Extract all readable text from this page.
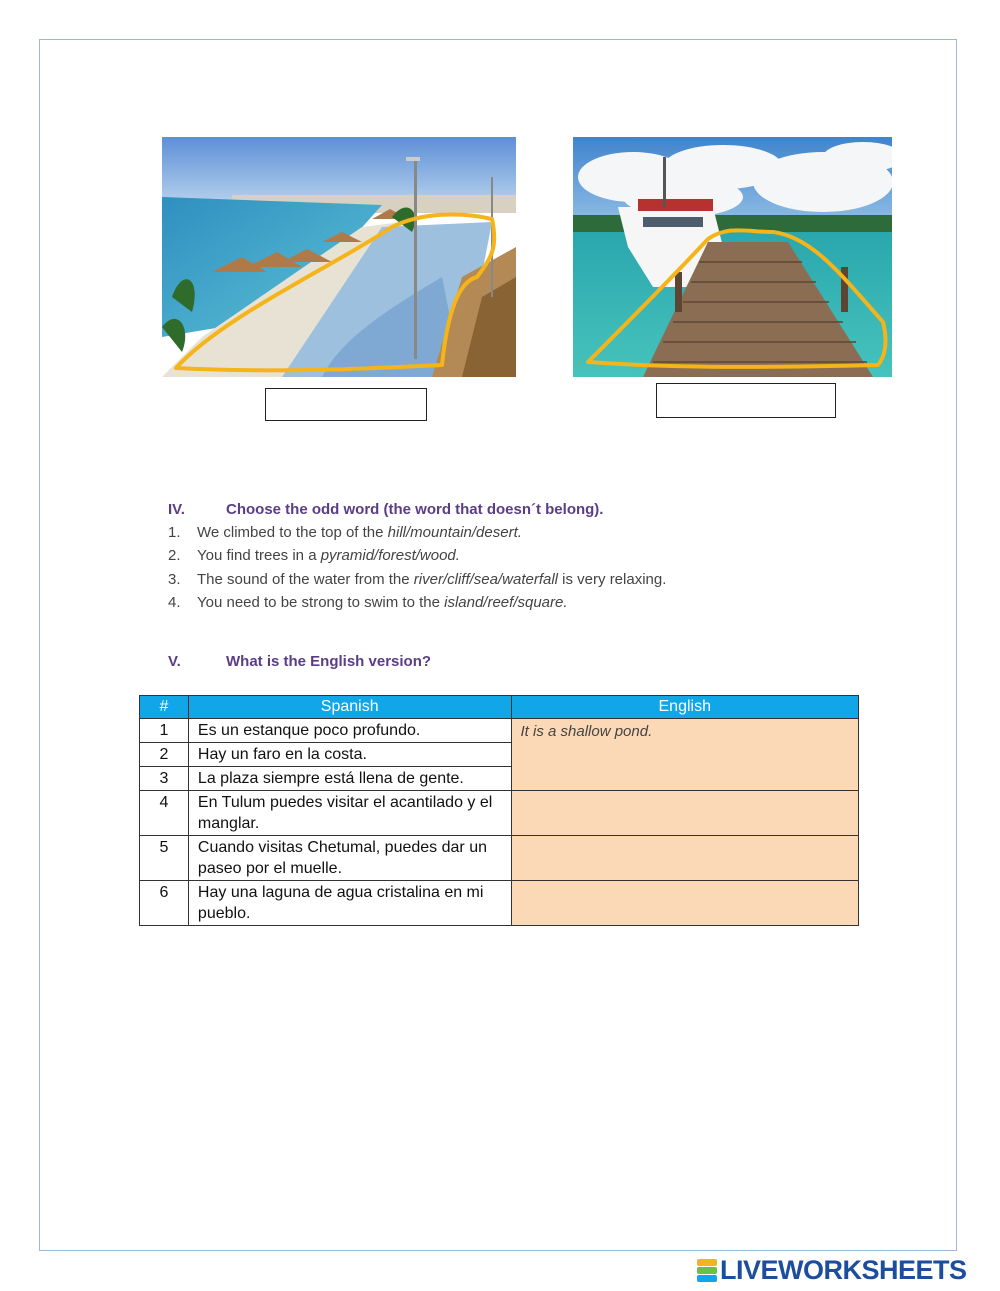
IV.	Choose the odd word (the word that doesn´t belong).
1. We climbed to the top of the hill/mountain/desert.
2. You find trees in a pyramid/forest/wood.
3. The sound of the water from the river/cliff/sea/waterfall is very relaxing.
4. You need to be strong to swim to the island/reef/square.
V.	What is the English version?
#	Spanish	English
1	Es un estanque poco profundo.	It is a shallow pond.
2	Hay un faro en la costa.	
3	La plaza siempre está llena de gente.	
4	En Tulum puedes visitar el acantilado y el manglar.	
5	Cuando visitas Chetumal, puedes dar un paseo por el muelle.	
6	Hay una laguna de agua cristalina en mi pueblo.	
LIVEWORKSHEETS
